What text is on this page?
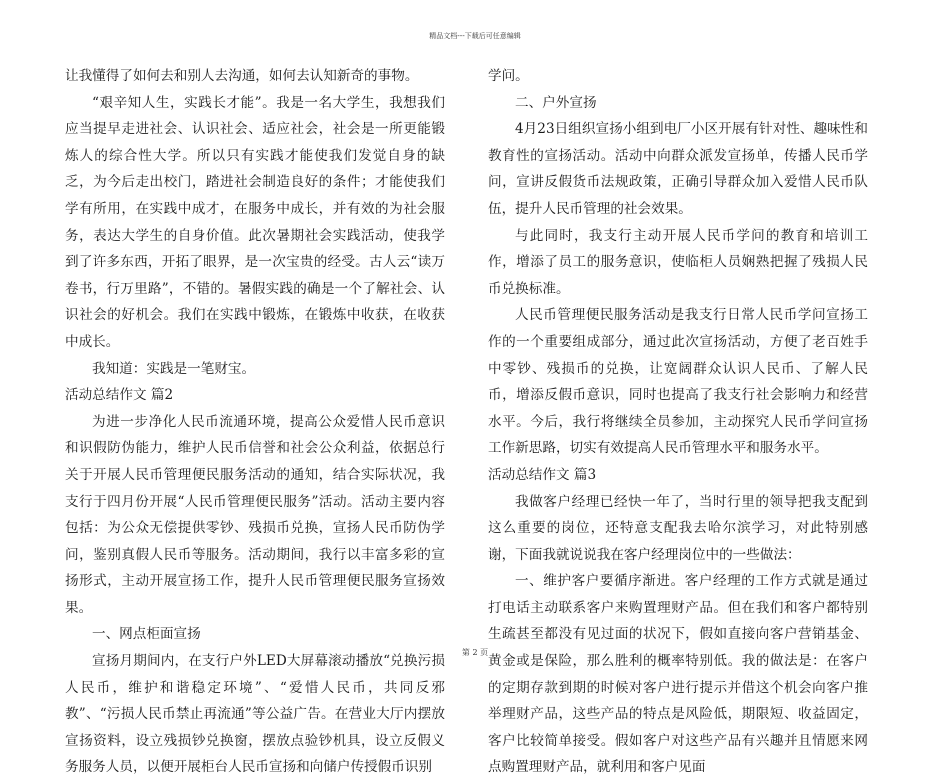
精品文档---下载后可任意编辑

让我懂得了如何去和别人去沟通，如何去认知新奇的事物。

“艰辛知人生，实践长才能”。我是一名大学生，我想我们应当提早走进社会、认识社会、适应社会，社会是一所更能锻炼人的综合性大学。所以只有实践才能使我们发觉自身的缺乏，为今后走出校门，踏进社会制造良好的条件；才能使我们学有所用，在实践中成才，在服务中成长，并有效的为社会服务，表达大学生的自身价值。此次暑期社会实践活动，使我学到了许多东西，开拓了眼界，是一次宝贵的经受。古人云“读万卷书，行万里路”，不错的。暑假实践的确是一个了解社会、认识社会的好机会。我们在实践中锻炼，在锻炼中收获，在收获中成长。

我知道：实践是一笔财宝。

活动总结作文 篇2

为进一步净化人民币流通环境，提高公众爱惜人民币意识和识假防伪能力，维护人民币信誉和社会公众利益，依据总行关于开展人民币管理便民服务活动的通知，结合实际状况，我支行于四月份开展“人民币管理便民服务”活动。活动主要内容包括：为公众无偿提供零钞、残损币兑换，宣扬人民币防伪学问，鉴别真假人民币等服务。活动期间，我行以丰富多彩的宣扬形式，主动开展宣扬工作，提升人民币管理便民服务宣扬效果。

一、网点柜面宣扬

宣扬月期间内，在支行户外LED大屏幕滚动播放“兑换污损人民币，维护和谐稳定环境”、“爱惜人民币，共同反邪教”、“污损人民币禁止再流通”等公益广告。在营业大厅内摆放宣扬资料，设立残损钞兑换窗，摆放点验钞机具，设立反假义务服务人员，以便开展柜台人民币宣扬和向储户传授假币识别

学问。

二、户外宣扬

4月23日组织宣扬小组到电厂小区开展有针对性、趣味性和教育性的宣扬活动。活动中向群众派发宣扬单，传播人民币学问，宣讲反假货币法规政策，正确引导群众加入爱惜人民币队伍，提升人民币管理的社会效果。

与此同时，我支行主动开展人民币学问的教育和培训工作，增添了员工的服务意识，使临柜人员娴熟把握了残损人民币兑换标准。

人民币管理便民服务活动是我支行日常人民币学问宣扬工作的一个重要组成部分，通过此次宣扬活动，方便了老百姓手中零钞、残损币的兑换，让宽阔群众认识人民币、了解人民币，增添反假币意识，同时也提高了我支行社会影响力和经营水平。今后，我行将继续全员参加，主动探究人民币学问宣扬工作新思路，切实有效提高人民币管理水平和服务水平。

活动总结作文 篇3

我做客户经理已经快一年了，当时行里的领导把我支配到这么重要的岗位，还特意支配我去哈尔滨学习，对此特别感谢，下面我就说说我在客户经理岗位中的一些做法：

一、维护客户要循序渐进。客户经理的工作方式就是通过打电话主动联系客户来购置理财产品。但在我们和客户都特别生疏甚至都没有见过面的状况下，假如直接向客户营销基金、黄金或是保险，那么胜利的概率特别低。我的做法是：在客户的定期存款到期的时候对客户进行提示并借这个机会向客户推举理财产品，这些产品的特点是风险低，期限短、收益固定，客户比较简单接受。假如客户对这些产品有兴趣并且情愿来网点购置理财产品，就利用和客户见面

第 2 页
